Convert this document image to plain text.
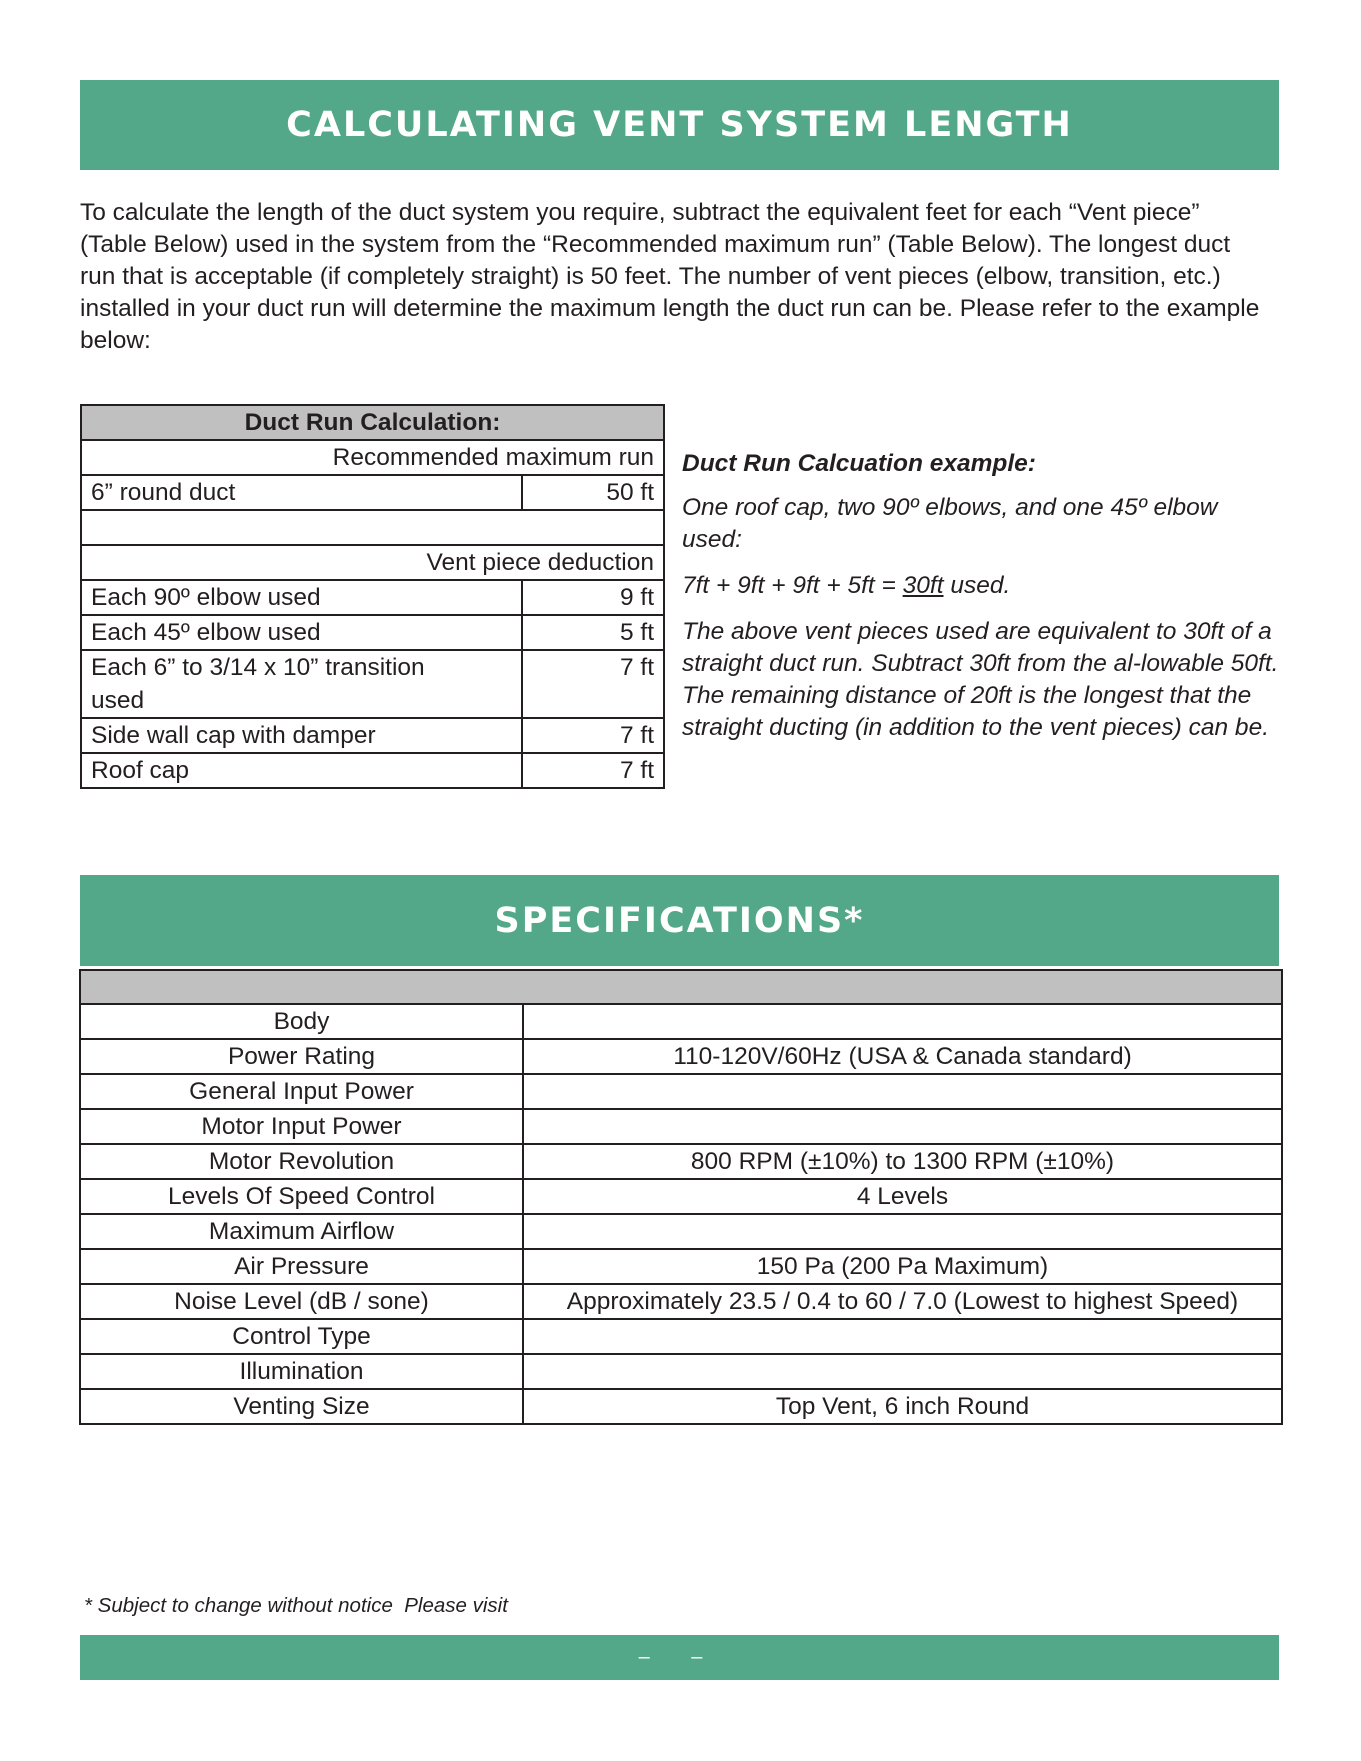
CALCULATING VENT SYSTEM LENGTH

To calculate the length of the duct system you require, subtract the equivalent feet for each “Vent piece” (Table Below) used in the system from the “Recommended maximum run” (Table Below). The longest duct run that is acceptable (if completely straight) is 50 feet. The number of vent pieces (elbow, transition, etc.) installed in your duct run will determine the maximum length the duct run can be. Please refer to the example below:

Duct Run Calculation:	
Recommended maximum run	
6” round duct	50 ft

Vent piece deduction	
Each 90º elbow used	9 ft
Each 45º elbow used	5 ft
Each 6” to 3/14 x 10” transition used	7 ft
Side wall cap with damper	7 ft
Roof cap	7 ft

Duct Run Calcuation example:

One roof cap, two 90º elbows, and one 45º elbow used:

7ft + 9ft + 9ft + 5ft = 30ft used.

The above vent pieces used are equivalent to 30ft of a straight duct run. Subtract 30ft from the al-lowable 50ft. The remaining distance of 20ft is the longest that the straight ducting (in addition to the vent pieces) can be.

SPECIFICATIONS*

Body	
Power Rating	110-120V/60Hz (USA & Canada standard)
General Input Power	
Motor Input Power	
Motor Revolution	800 RPM (±10%) to 1300 RPM (±10%)
Levels Of Speed Control	4 Levels
Maximum Airflow	
Air Pressure	150 Pa (200 Pa Maximum)
Noise Level (dB / sone)	Approximately 23.5 / 0.4 to 60 / 7.0 (Lowest to highest Speed)
Control Type	
Illumination	
Venting Size	Top Vent, 6 inch Round
* Subject to change without notice  Please visit
– –
